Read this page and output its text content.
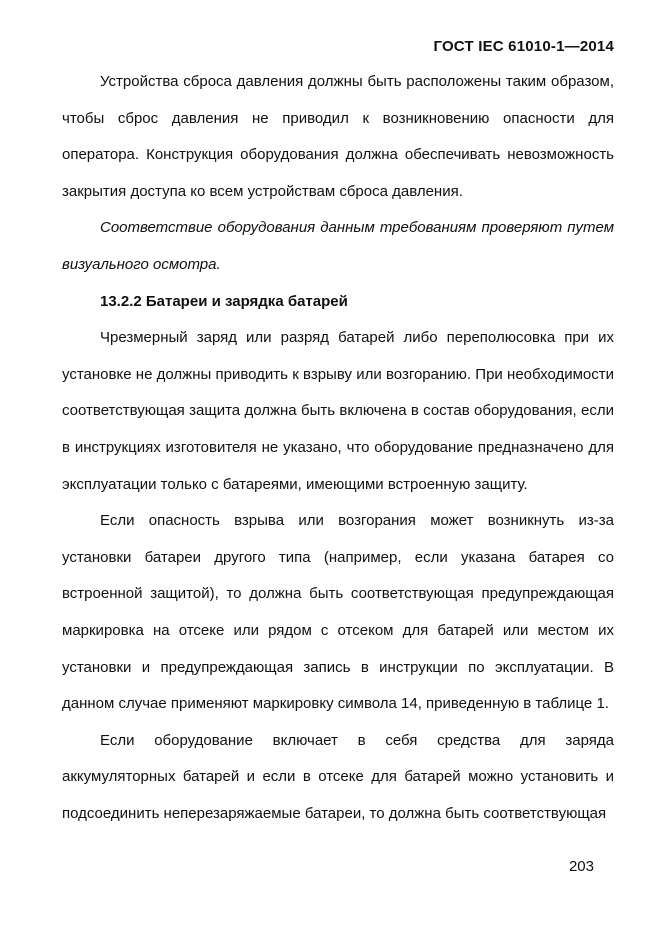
ГОСТ IEC 61010-1—2014

Устройства сброса давления должны быть расположены таким образом, чтобы сброс давления не приводил к возникновению опасности для оператора. Конструкция оборудования должна обеспечивать невозможность закрытия доступа ко всем устройствам сброса давления.

Соответствие оборудования данным требованиям проверяют путем визуального осмотра.

13.2.2 Батареи и зарядка батарей

Чрезмерный заряд или разряд батарей либо переполюсовка при их установке не должны приводить к взрыву или возгоранию. При необходимости соответствующая защита должна быть включена в состав оборудования, если в инструкциях изготовителя не указано, что оборудование предназначено для эксплуатации только с батареями, имеющими встроенную защиту.

Если опасность взрыва или возгорания может возникнуть из-за установки батареи другого типа (например, если указана батарея со встроенной защитой), то должна быть соответствующая предупреждающая маркировка на отсеке или рядом с отсеком для батарей или местом их установки и предупреждающая запись в инструкции по эксплуатации. В данном случае применяют маркировку символа 14, приведенную в таблице 1.

Если оборудование включает в себя средства для заряда аккумуляторных батарей и если в отсеке для батарей можно установить и подсоединить неперезаряжаемые батареи, то должна быть соответствующая

203
